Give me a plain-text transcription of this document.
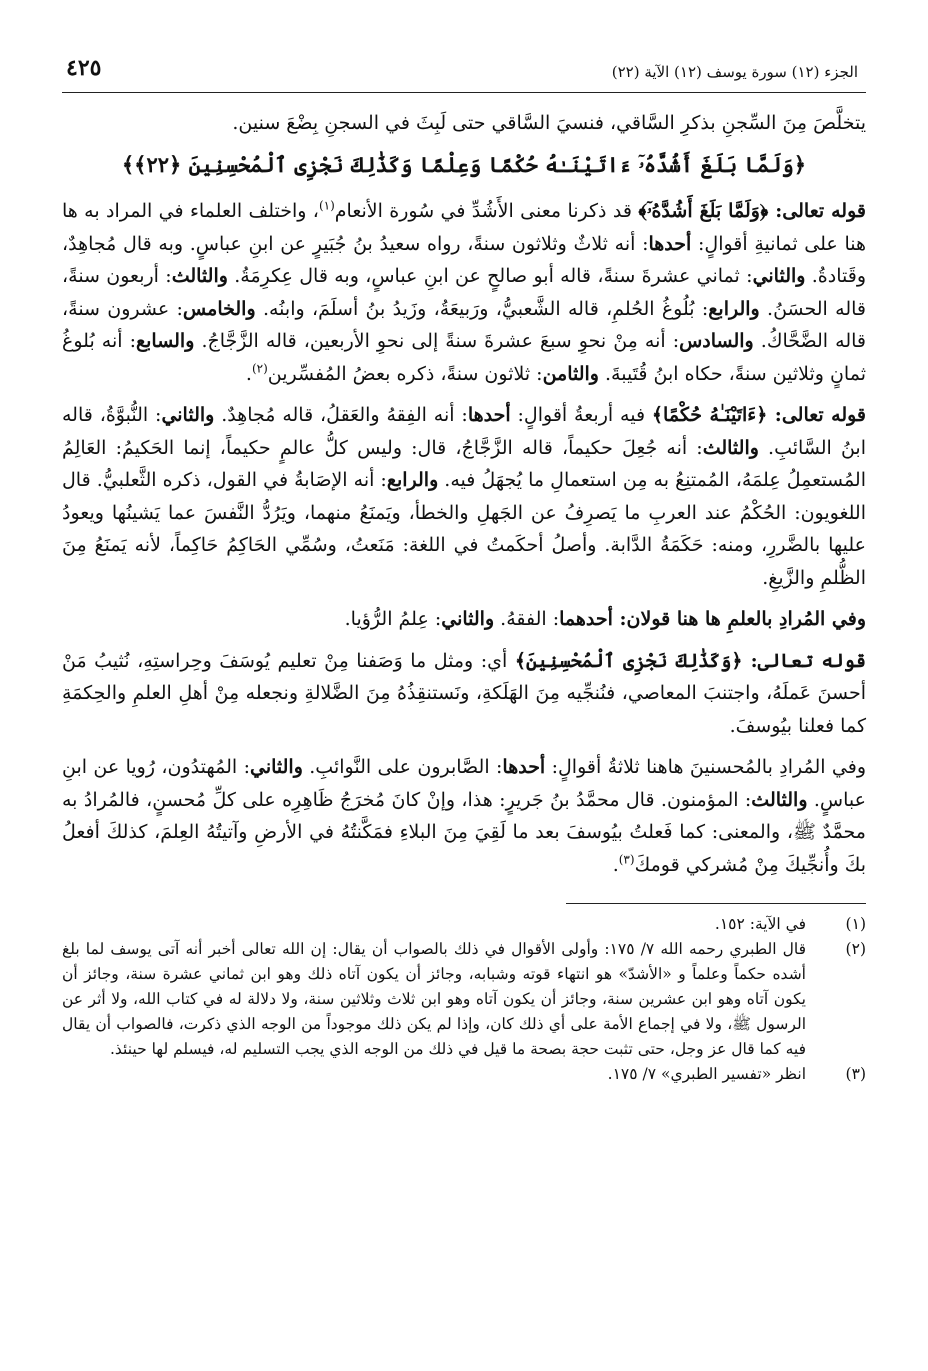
الجزء (١٢) سورة يوسف (١٢) الآية (٢٢)
٤٢٥

يتخلَّصَ مِنَ السِّجنِ بذكرِ السَّاقي، فنسيَ السَّاقي حتى لَبِثَ في السجنِ بِضْعَ سنين.

﴿وَلَمَّا بَلَغَ أَشُدَّهُۥٓ ءَاتَيْنَـٰهُ حُكْمًا وَعِلْمًا وَكَذَٰلِكَ نَجْزِى ٱلْمُحْسِنِينَ ﴿٢٢﴾﴾

قوله تعالى: ﴿وَلَمَّا بَلَغَ أَشُدَّهُۥٓ﴾ قد ذكرنا معنى الأَشُدِّ في سُورة الأنعام$^{(١)}$، واختلف العلماء في المراد به ها هنا على ثمانيةِ أقوالٍ: أحدها: أنه ثلاثٌ وثلاثون سنةً، رواه سعيدُ بنُ جُبَيرٍ عن ابنِ عباسٍ. وبه قال مُجاهِدٌ، وقَتادةُ. والثاني: ثماني عشرةَ سنةً، قاله أبو صالحٍ عن ابنِ عباسٍ، وبه قال عِكرِمَةُ. والثالث: أربعون سنةً، قاله الحسَنُ. والرابع: بُلُوغُ الحُلمِ، قاله الشَّعبيُّ، ورَبيعَةُ، وزَيدُ بنُ أسلَمَ، وابنُه. والخامس: عشرون سنةً، قاله الضَّحَّاكُ. والسادس: أنه مِنْ نحوِ سبعَ عشرةَ سنةً إلى نحوِ الأربعين، قاله الزَّجَّاجُ. والسابع: أنه بُلوغُ ثمانٍ وثلاثين سنةً، حكاه ابنُ قُتَيبةَ. والثامن: ثلاثون سنةً، ذكره بعضُ المُفسِّرين$^{(٢)}$.

قوله تعالى: ﴿ءَاتَيْنَـٰهُ حُكْمًا﴾ فيه أربعةُ أقوالٍ: أحدها: أنه الفِقهُ والعَقلُ، قاله مُجاهِدٌ. والثاني: النُّبوَّةُ، قاله ابنُ السَّائبِ. والثالث: أنه جُعِلَ حكيماً، قاله الزَّجَّاجُ، قال: وليس كلُّ عالمٍ حكيماً، إنما الحَكيمُ: العَالِمُ المُستعمِلُ عِلمَهُ، المُمتنِعُ به مِن استعمالِ ما يُجهَلُ فيه. والرابع: أنه الإصَابةُ في القول، ذكره الثَّعلبيُّ. قال اللغويون: الحُكْمُ عند العربِ ما يَصرِفُ عن الجَهلِ والخطأ، ويَمنَعُ منهما، ويَرُدُّ النَّفسَ عما يَشينُها ويعودُ عليها بالضَّررِ، ومنه: حَكَمَةُ الدَّابة. وأصلُ أحكَمتُ في اللغة: مَنَعتُ، وسُمِّي الحَاكِمُ حَاكِماً، لأنه يَمنَعُ مِنَ الظُّلمِ والزَّيغِ.

وفي المُرادِ بالعلمِ ها هنا قولان: أحدهما: الفقهُ. والثاني: عِلمُ الرُّؤيا.

قوله تعالى: ﴿وَكَذَٰلِكَ نَجْزِى ٱلْمُحْسِنِينَ﴾ أي: ومثل ما وَصَفنا مِنْ تعليم يُوسَفَ وحِراستِهِ، نُثيبُ مَنْ أحسنَ عَملَهُ، واجتنبَ المعاصي، فنُنجِّيه مِنَ الهَلَكةِ، ونَستنقِذُهُ مِنَ الضَّلالةِ ونجعله مِنْ أهلِ العلمِ والحِكمَةِ كما فعلنا بيُوسفَ.

وفي المُرادِ بالمُحسنينَ هاهنا ثلاثةُ أقوالٍ: أحدها: الصَّابرون على النَّوائبِ. والثاني: المُهتدُون، رُويا عن ابنِ عباسٍ. والثالث: المؤمنون. قال محمَّدُ بنُ جَريرٍ: هذا، وإنْ كانَ مُخرَجُ ظَاهِرِه على كلِّ مُحسنٍ، فالمُرادُ به محمَّدٌ ﷺ، والمعنى: كما فَعلتُ بيُوسفَ بعد ما لَقِيَ مِنَ البلاءِ فمَكَّنتُهُ في الأرضِ وآتيتُهُ العِلمَ، كذلكَ أفعلُ بكَ وأُنجِّيكَ مِنْ مُشركي قومكَ$^{(٣)}$.

(١)
في الآية: ١٥٢.
(٢)
قال الطبري رحمه الله ٧/ ١٧٥: وأولى الأقوال في ذلك بالصواب أن يقال: إن الله تعالى أخبر أنه آتى يوسف لما بلغ أشده حكماً وعلماً و «الأشدّ» هو انتهاء قوته وشبابه، وجائز أن يكون آتاه ذلك وهو ابن ثماني عشرة سنة، وجائز أن يكون آتاه وهو ابن عشرين سنة، وجائز أن يكون آتاه وهو ابن ثلاث وثلاثين سنة، ولا دلالة له في كتاب الله، ولا أثر عن الرسول ﷺ، ولا في إجماع الأمة على أي ذلك كان، وإذا لم يكن ذلك موجوداً من الوجه الذي ذكرت، فالصواب أن يقال فيه كما قال عز وجل، حتى تثبت حجة بصحة ما قيل في ذلك من الوجه الذي يجب التسليم له، فيسلم لها حينئذ.
(٣)
انظر «تفسير الطبري» ٧/ ١٧٥.
